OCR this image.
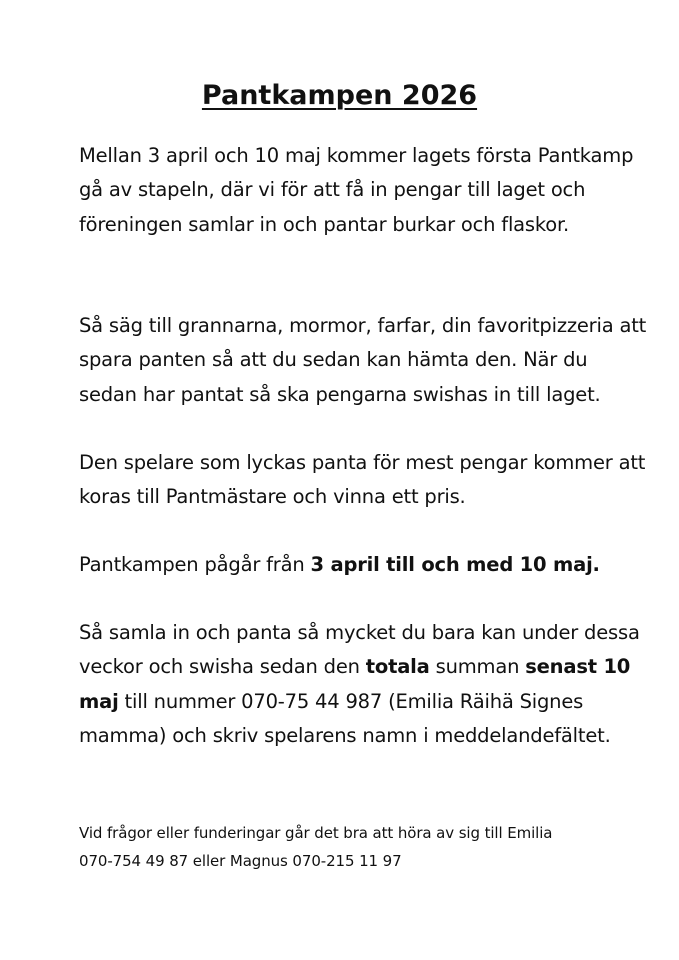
Pantkampen 2026

Mellan 3 april och 10 maj kommer lagets första Pantkamp gå av stapeln, där vi för att få in pengar till laget och föreningen samlar in och pantar burkar och flaskor.

Så säg till grannarna, mormor, farfar, din favoritpizzeria att spara panten så att du sedan kan hämta den. När du sedan har pantat så ska pengarna swishas in till laget.

Den spelare som lyckas panta för mest pengar kommer att koras till Pantmästare och vinna ett pris.

Pantkampen pågår från 3 april till och med 10 maj.

Så samla in och panta så mycket du bara kan under dessa veckor och swisha sedan den totala summan senast 10 maj till nummer 070-75 44 987 (Emilia Räihä Signes mamma) och skriv spelarens namn i meddelandefältet.

Vid frågor eller funderingar går det bra att höra av sig till Emilia
070-754 49 87 eller Magnus 070-215 11 97
